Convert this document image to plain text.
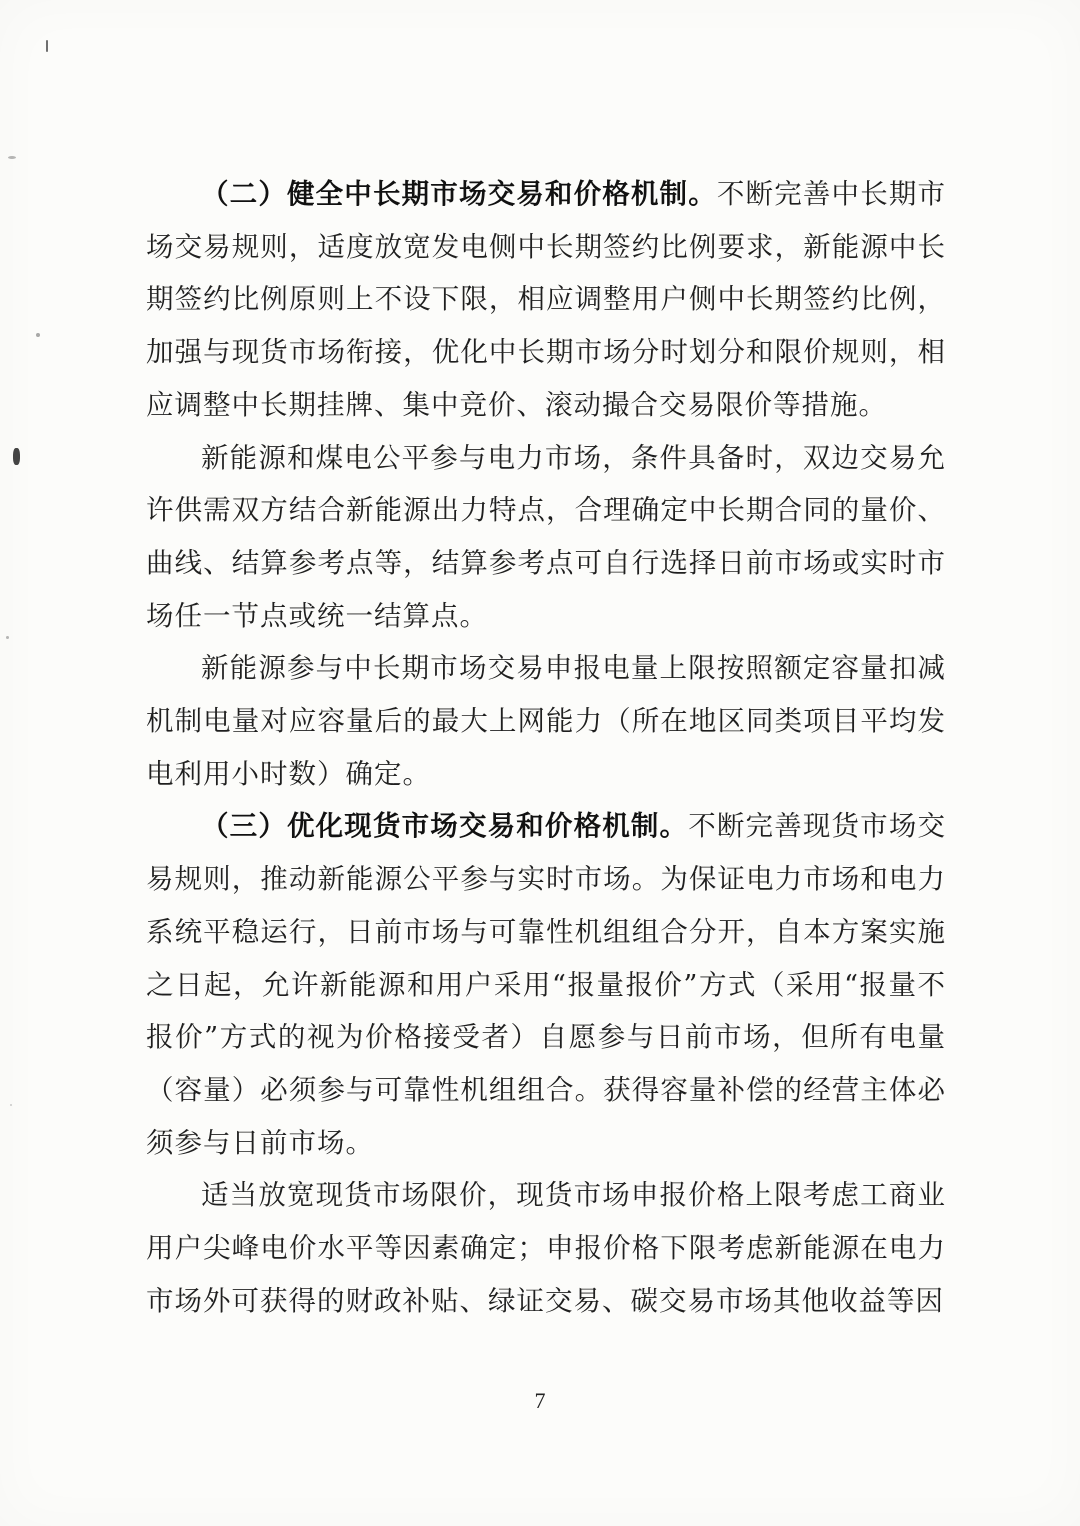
（二）健全中长期市场交易和价格机制。不断完善中长期市场交易规则，适度放宽发电侧中长期签约比例要求，新能源中长期签约比例原则上不设下限，相应调整用户侧中长期签约比例，加强与现货市场衔接，优化中长期市场分时划分和限价规则，相应调整中长期挂牌、集中竞价、滚动撮合交易限价等措施。

新能源和煤电公平参与电力市场，条件具备时，双边交易允许供需双方结合新能源出力特点，合理确定中长期合同的量价、曲线、结算参考点等，结算参考点可自行选择日前市场或实时市场任一节点或统一结算点。

新能源参与中长期市场交易申报电量上限按照额定容量扣减机制电量对应容量后的最大上网能力（所在地区同类项目平均发电利用小时数）确定。

（三）优化现货市场交易和价格机制。不断完善现货市场交易规则，推动新能源公平参与实时市场。为保证电力市场和电力系统平稳运行，日前市场与可靠性机组组合分开，自本方案实施之日起，允许新能源和用户采用“报量报价”方式（采用“报量不报价”方式的视为价格接受者）自愿参与日前市场，但所有电量（容量）必须参与可靠性机组组合。获得容量补偿的经营主体必须参与日前市场。

适当放宽现货市场限价，现货市场申报价格上限考虑工商业用户尖峰电价水平等因素确定；申报价格下限考虑新能源在电力市场外可获得的财政补贴、绿证交易、碳交易市场其他收益等因

7
